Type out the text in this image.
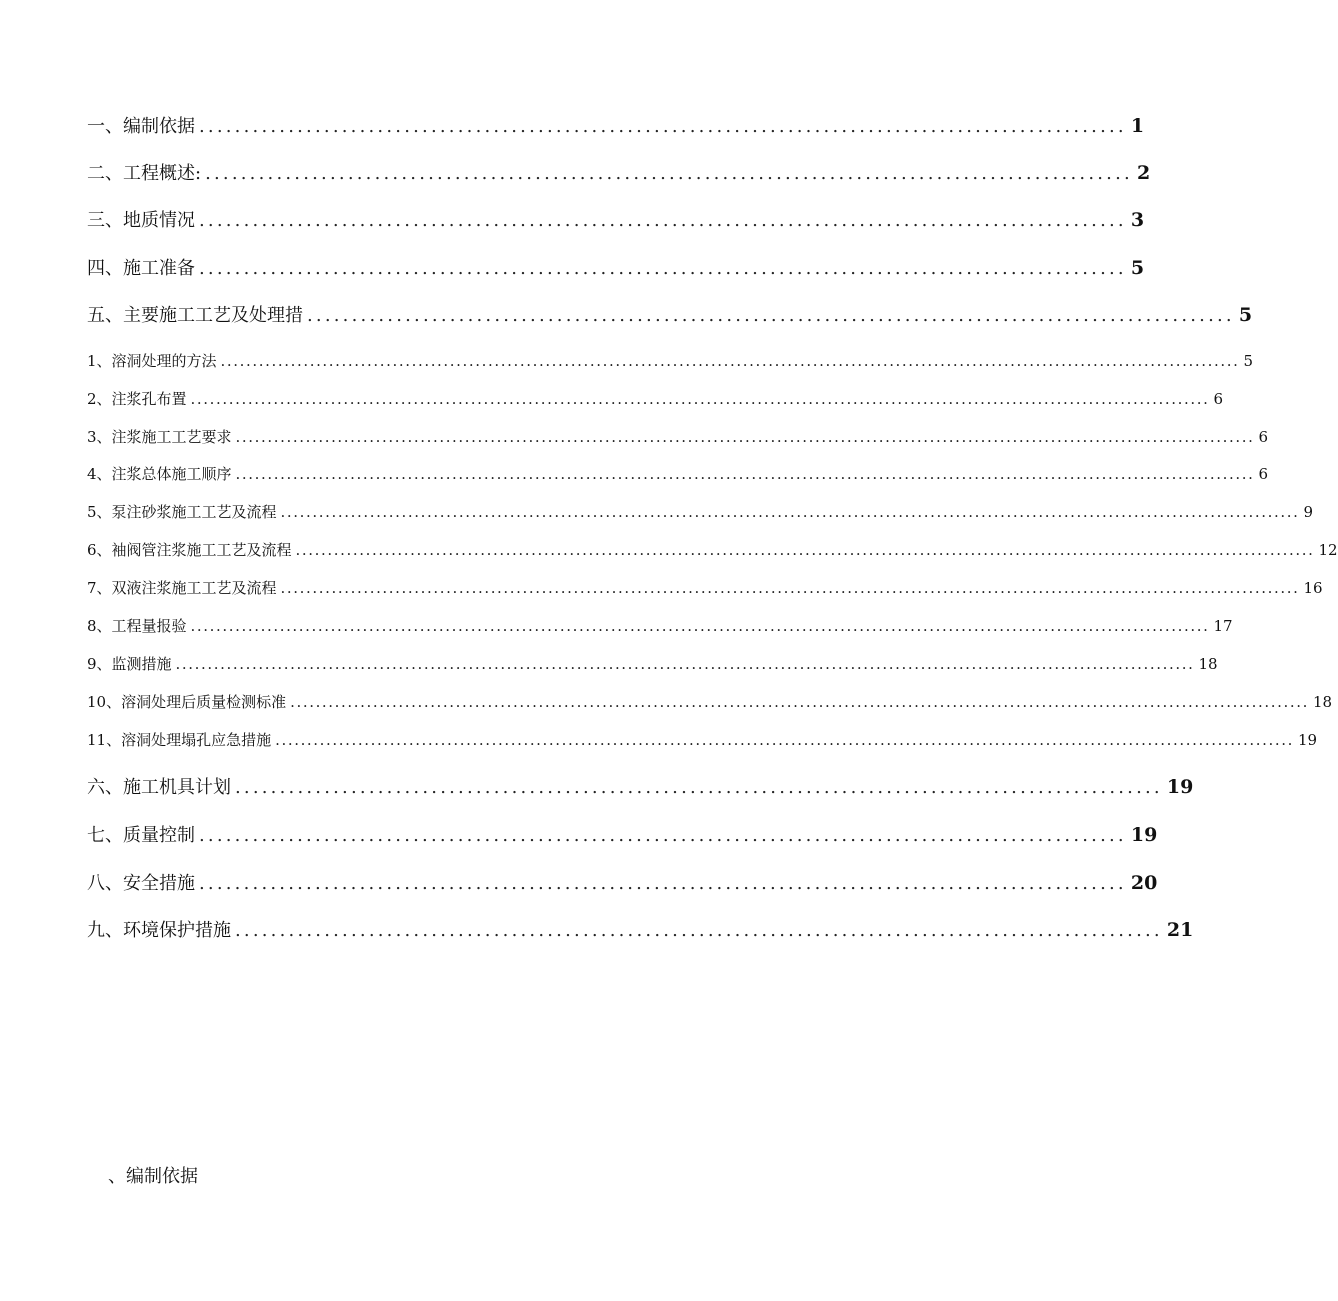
一、编制依据 ........................................................................................................ 1
二、工程概述: ........................................................................................................ 2
三、地质情况 ........................................................................................................ 3
四、施工准备 ........................................................................................................ 5
五、主要施工工艺及处理措 ........................................................................................................ 5
1、溶洞处理的方法 ................................................................................................................................................................ 5
2、注浆孔布置 ................................................................................................................................................................ 6
3、注浆施工工艺要求 ................................................................................................................................................................ 6
4、注浆总体施工顺序 ................................................................................................................................................................ 6
5、泵注砂浆施工工艺及流程 ................................................................................................................................................................ 9
6、袖阀管注浆施工工艺及流程 ................................................................................................................................................................ 12
7、双液注浆施工工艺及流程 ................................................................................................................................................................ 16
8、工程量报验 ................................................................................................................................................................ 17
9、监测措施 ................................................................................................................................................................ 18
10、溶洞处理后质量检测标准 ................................................................................................................................................................ 18
11、溶洞处理塌孔应急措施 ................................................................................................................................................................ 19
六、施工机具计划 ........................................................................................................ 19
七、质量控制 ........................................................................................................ 19
八、安全措施 ........................................................................................................ 20
九、环境保护措施 ........................................................................................................ 21
、编制依据
